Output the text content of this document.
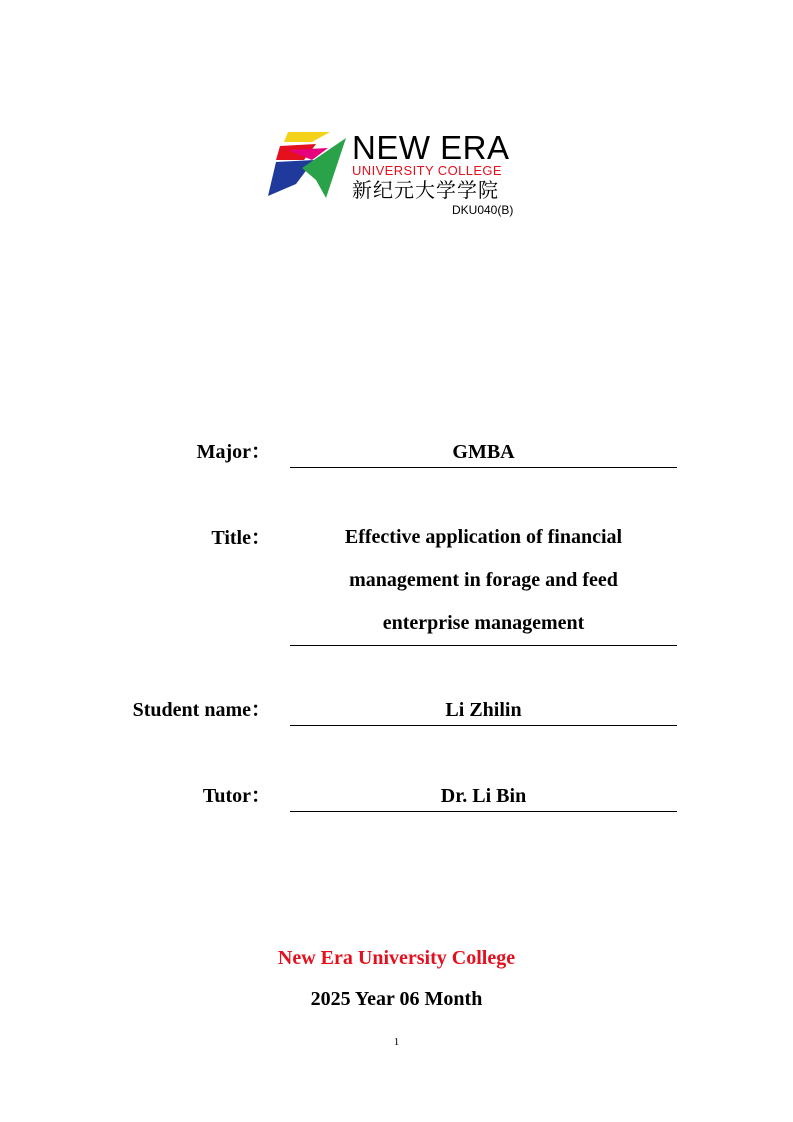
NEW ERA
UNIVERSITY COLLEGE
新纪元大学学院
DKU040(B)
Major：	GMBA
Title：	Effective application of financial
management in forage and feed
enterprise management
Student name：	Li Zhilin
Tutor：	Dr. Li Bin
New Era University College
2025 Year 06 Month
1
